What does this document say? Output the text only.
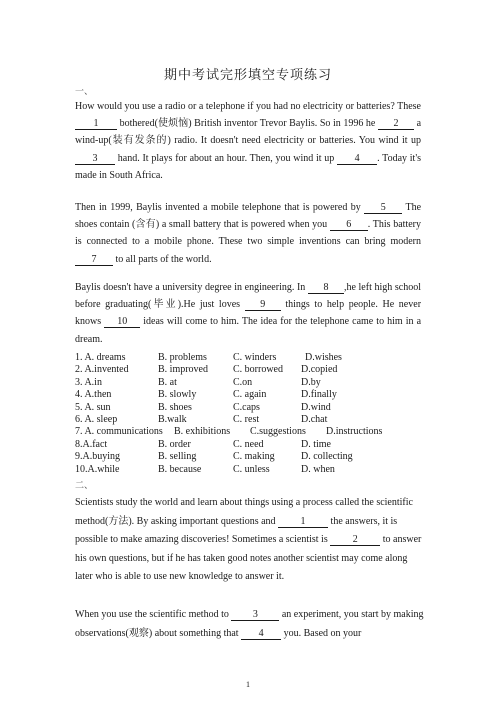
期中考试完形填空专项练习
一、
How would you use a radio or a telephone if you had no electricity or batteries? These 1 bothered(使烦恼) British inventor Trevor Baylis. So in 1996 he 2 a wind-up(装有发条的) radio. It doesn't need electricity or batteries. You wind it up 3 hand. It plays for about an hour. Then, you wind it up 4 . Today it's made in South Africa.
Then in 1999, Baylis invented a mobile telephone that is powered by 5 The shoes contain (含有) a small battery that is powered when you 6 . This battery is connected to a mobile phone. These two simple inventions can bring modern 7 to all parts of the world.
Baylis doesn't have a university degree in engineering. In 8 ,he left high school before graduating(毕业).He just loves 9 things to help people. He never knows 10 ideas will come to him. The idea for the telephone came to him in a dream.
1. A. dreams	B. problems	C. winders	D.wishes
2. A.invented	B. improved	C. borrowed D.copied
3. A.in	B. at	C.on	D.by
4. A.then	B. slowly	C. again	D.finally
5. A. sun	B. shoes	C.caps	D.wind
6. A. sleep	B.walk	C. rest	D.chat
7. A. communications B. exhibitions C.suggestions D.instructions
8.A.fact	B. order	C. need	D. time
9.A.buying	B. selling	C. making	D. collecting
10.A.while	B. because	C. unless	D. when
二、
Scientists study the world and learn about things using a process called the scientific method(方法). By asking important questions and	1	the answers, it is possible to make amazing discoveries! Sometimes a scientist is	2	to answer his own questions, but if he has taken good notes another scientist may come along later who is able to use new knowledge to answer it.
When you use the scientific method to 3 an experiment, you start by making observations(观察) about something that 4 you. Based on your
1
